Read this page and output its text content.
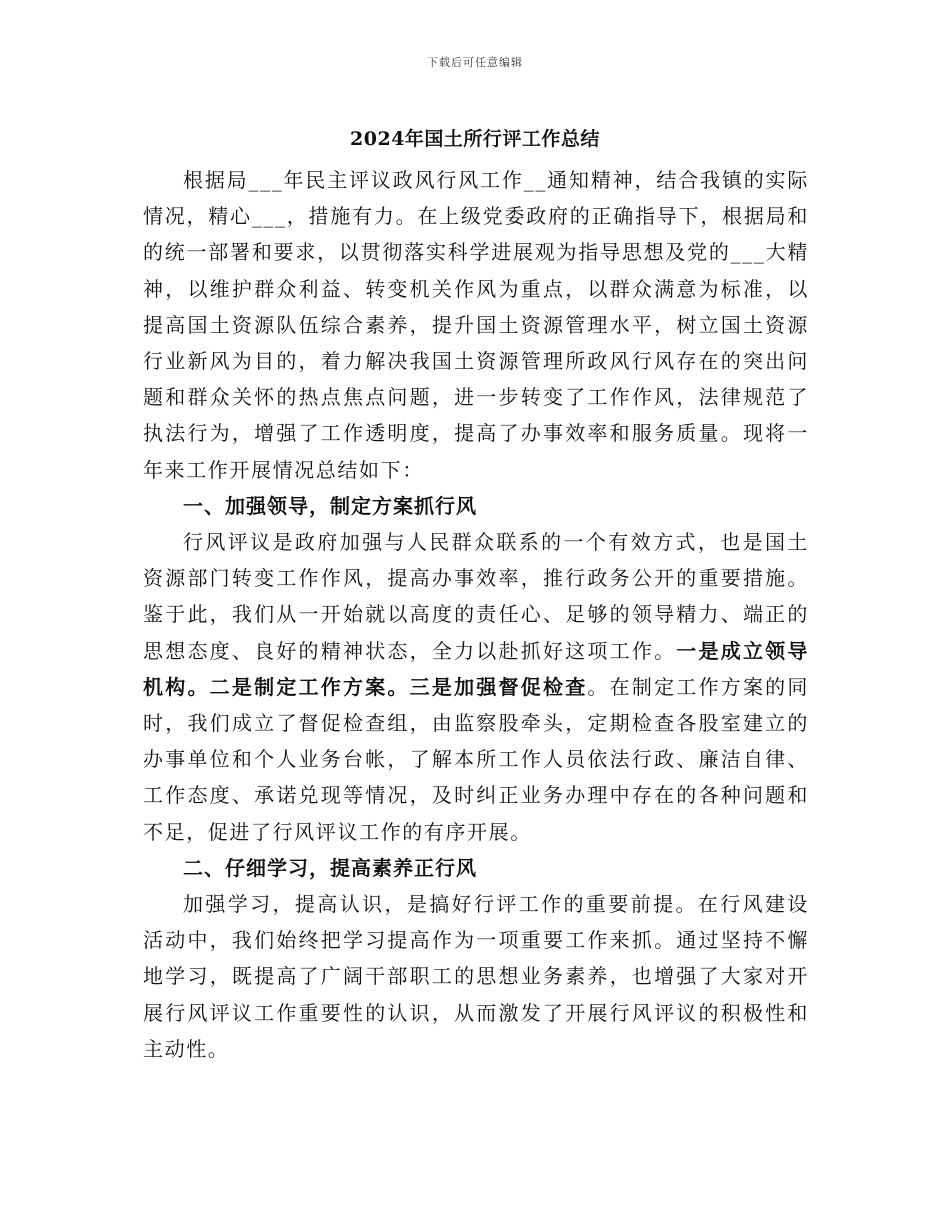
下载后可任意编辑
2024年国土所行评工作总结

根据局___年民主评议政风行风工作__通知精神，结合我镇的实际情况，精心___，措施有力。在上级党委政府的正确指导下，根据局和的统一部署和要求，以贯彻落实科学进展观为指导思想及党的___大精神，以维护群众利益、转变机关作风为重点，以群众满意为标准，以提高国土资源队伍综合素养，提升国土资源管理水平，树立国土资源行业新风为目的，着力解决我国土资源管理所政风行风存在的突出问题和群众关怀的热点焦点问题，进一步转变了工作作风，法律规范了执法行为，增强了工作透明度，提高了办事效率和服务质量。现将一年来工作开展情况总结如下：

一、加强领导，制定方案抓行风

行风评议是政府加强与人民群众联系的一个有效方式，也是国土资源部门转变工作作风，提高办事效率，推行政务公开的重要措施。鉴于此，我们从一开始就以高度的责任心、足够的领导精力、端正的思想态度、良好的精神状态，全力以赴抓好这项工作。一是成立领导机构。二是制定工作方案。三是加强督促检查。在制定工作方案的同时，我们成立了督促检查组，由监察股牵头，定期检查各股室建立的办事单位和个人业务台帐，了解本所工作人员依法行政、廉洁自律、工作态度、承诺兑现等情况，及时纠正业务办理中存在的各种问题和不足，促进了行风评议工作的有序开展。

二、仔细学习，提高素养正行风

加强学习，提高认识，是搞好行评工作的重要前提。在行风建设活动中，我们始终把学习提高作为一项重要工作来抓。通过坚持不懈地学习，既提高了广阔干部职工的思想业务素养，也增强了大家对开展行风评议工作重要性的认识，从而激发了开展行风评议的积极性和主动性。
